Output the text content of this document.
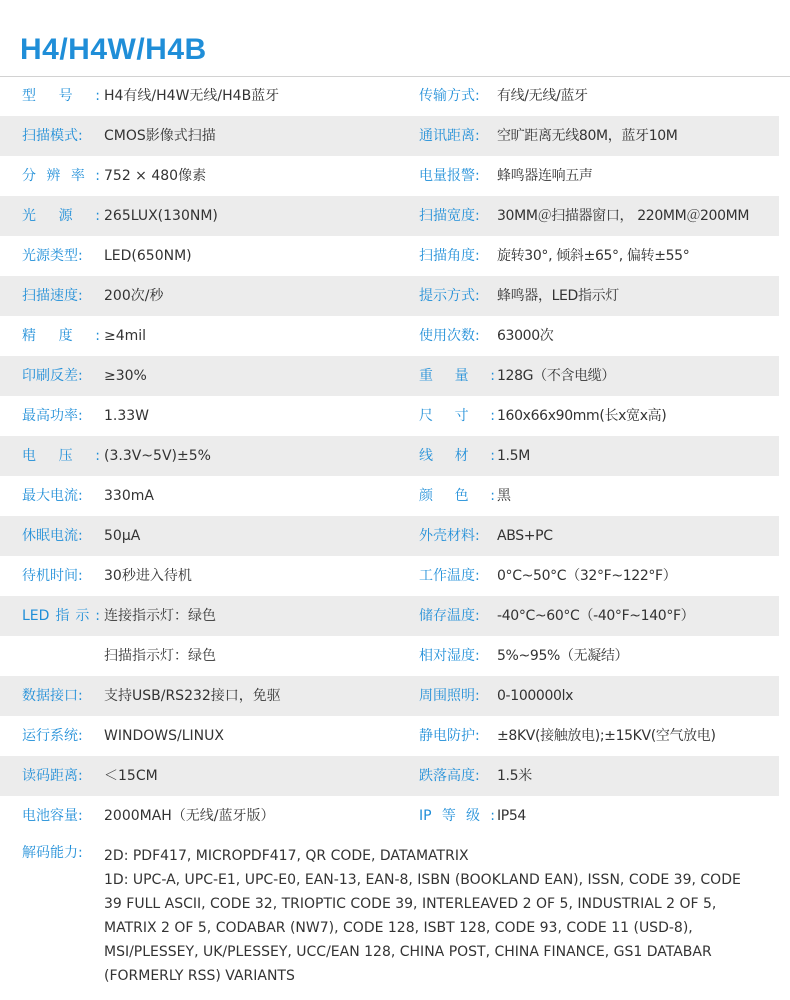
H4/H4W/H4B
型 号 : H4有线/H4W无线/H4B蓝牙	传输方式:	有线/无线/蓝牙
扫描模式:	CMOS影像式扫描	通讯距离:	空旷距离无线80M，蓝牙10M
分 辨 率 : 752 × 480像素	电量报警:	蜂鸣器连响五声
光 源 : 265LUX(130NM)	扫描宽度:	30MM＠扫描器窗口， 220MM＠200MM
光源类型:	LED(650NM)	扫描角度:	旋转30°, 倾斜±65°, 偏转±55°
扫描速度:	200次/秒	提示方式:	蜂鸣器，LED指示灯
精 度 : ≥4mil	使用次数:	63000次
印刷反差:	≥30%	重 量 : 128G（不含电缆）
最高功率:	1.33W	尺 寸 : 160x66x90mm(长x宽x高)
电 压 : (3.3V~5V)±5%	线 材 : 1.5M
最大电流:	330mA	颜 色 : 黑
休眠电流:	50μA	外壳材料:	ABS+PC
待机时间:	30秒进入待机	工作温度:	0°C~50°C（32°F~122°F）
LED 指 示 : 连接指示灯：绿色	储存温度:	-40°C~60°C（-40°F~140°F）
扫描指示灯：绿色	相对湿度:	5%~95%（无凝结）
数据接口:	支持USB/RS232接口，免驱	周围照明:	0-100000lx
运行系统:	WINDOWS/LINUX	静电防护:	±8KV(接触放电);±15KV(空气放电)
读码距离:	＜15CM	跌落高度:	1.5米
电池容量:	2000MAH（无线/蓝牙版）	IP 等 级 : IP54
解码能力:	2D: PDF417, MICROPDF417, QR CODE, DATAMATRIX
1D: UPC-A, UPC-E1, UPC-E0, EAN-13, EAN-8, ISBN (BOOKLAND EAN), ISSN, CODE 39, CODE
39 FULL ASCII, CODE 32, TRIOPTIC CODE 39, INTERLEAVED 2 OF 5, INDUSTRIAL 2 OF 5,
MATRIX 2 OF 5, CODABAR (NW7), CODE 128, ISBT 128, CODE 93, CODE 11 (USD-8),
MSI/PLESSEY, UK/PLESSEY, UCC/EAN 128, CHINA POST, CHINA FINANCE, GS1 DATABAR
(FORMERLY RSS) VARIANTS
